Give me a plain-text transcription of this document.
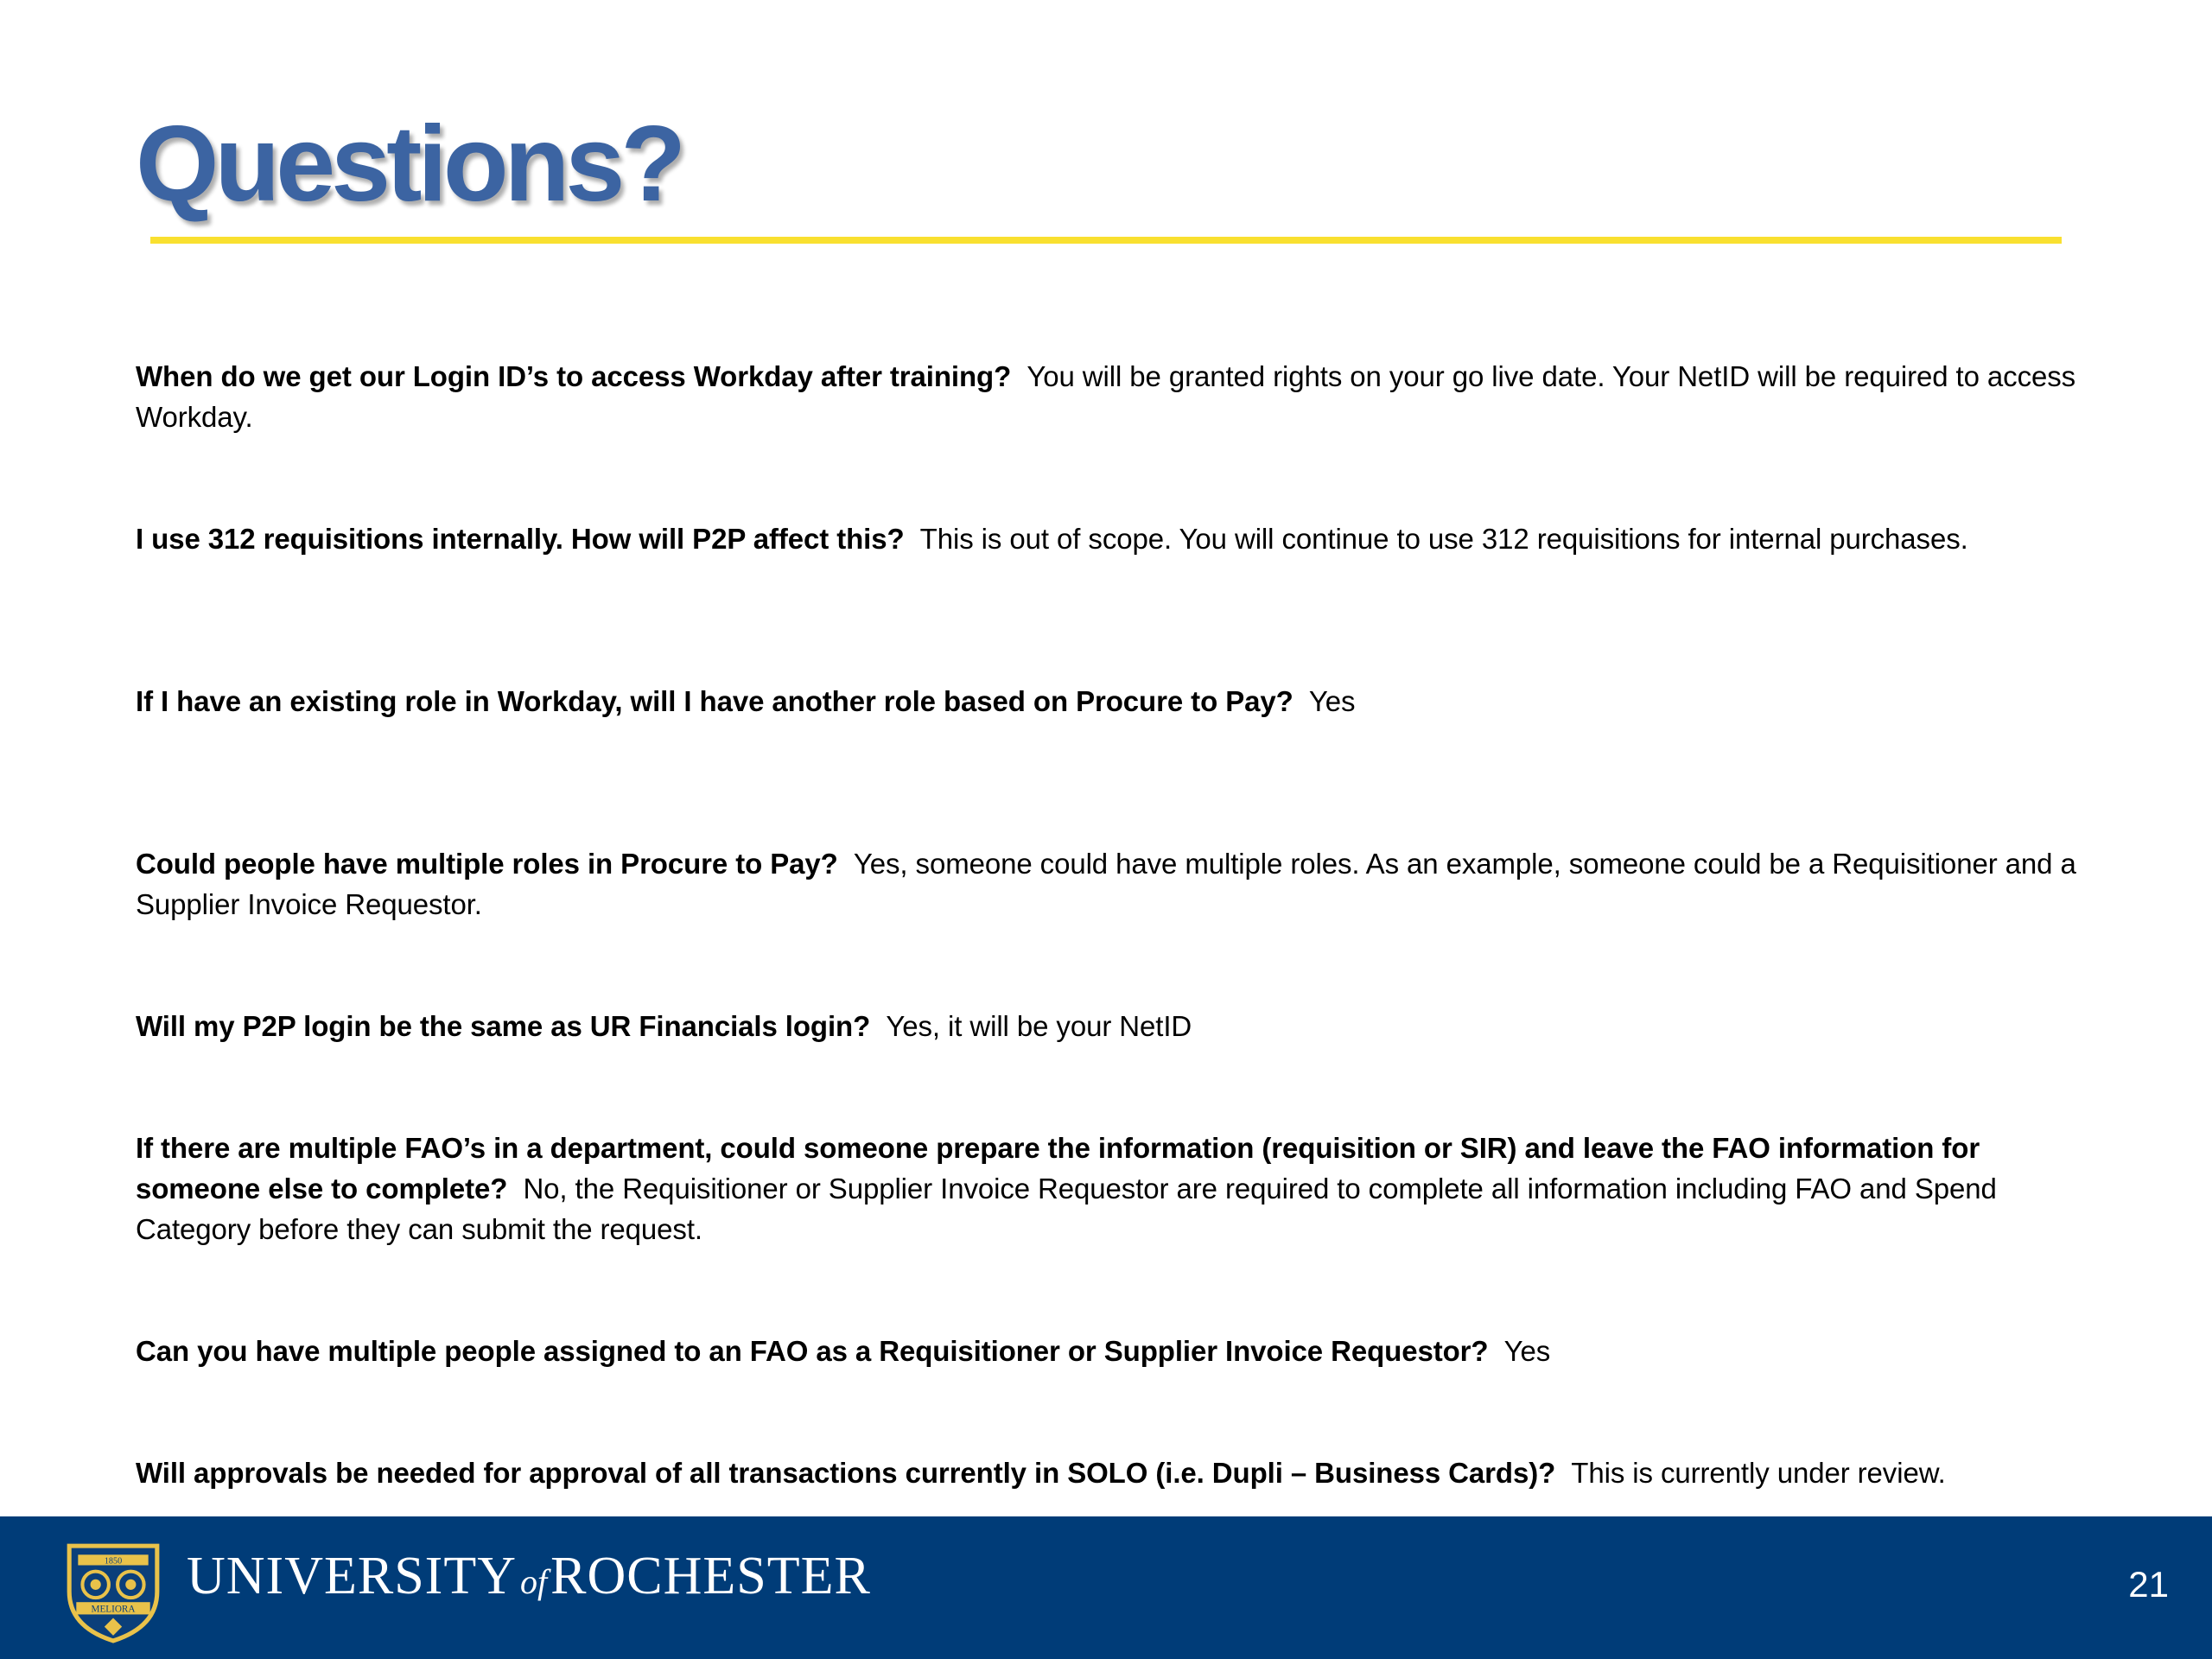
Questions?

When do we get our Login ID’s to access Workday after training? You will be granted rights on your go live date. Your NetID will be required to access Workday.

I use 312 requisitions internally. How will P2P affect this? This is out of scope. You will continue to use 312 requisitions for internal purchases.

If I have an existing role in Workday, will I have another role based on Procure to Pay? Yes

Could people have multiple roles in Procure to Pay? Yes, someone could have multiple roles. As an example, someone could be a Requisitioner and a Supplier Invoice Requestor.

Will my P2P login be the same as UR Financials login? Yes, it will be your NetID

If there are multiple FAO’s in a department, could someone prepare the information (requisition or SIR) and leave the FAO information for someone else to complete? No, the Requisitioner or Supplier Invoice Requestor are required to complete all information including FAO and Spend Category before they can submit the request.

Can you have multiple people assigned to an FAO as a Requisitioner or Supplier Invoice Requestor? Yes

Will approvals be needed for approval of all transactions currently in SOLO (i.e. Dupli – Business Cards)? This is currently under review.

1850
MELIORA
UNIVERSITY ofROCHESTER	21
